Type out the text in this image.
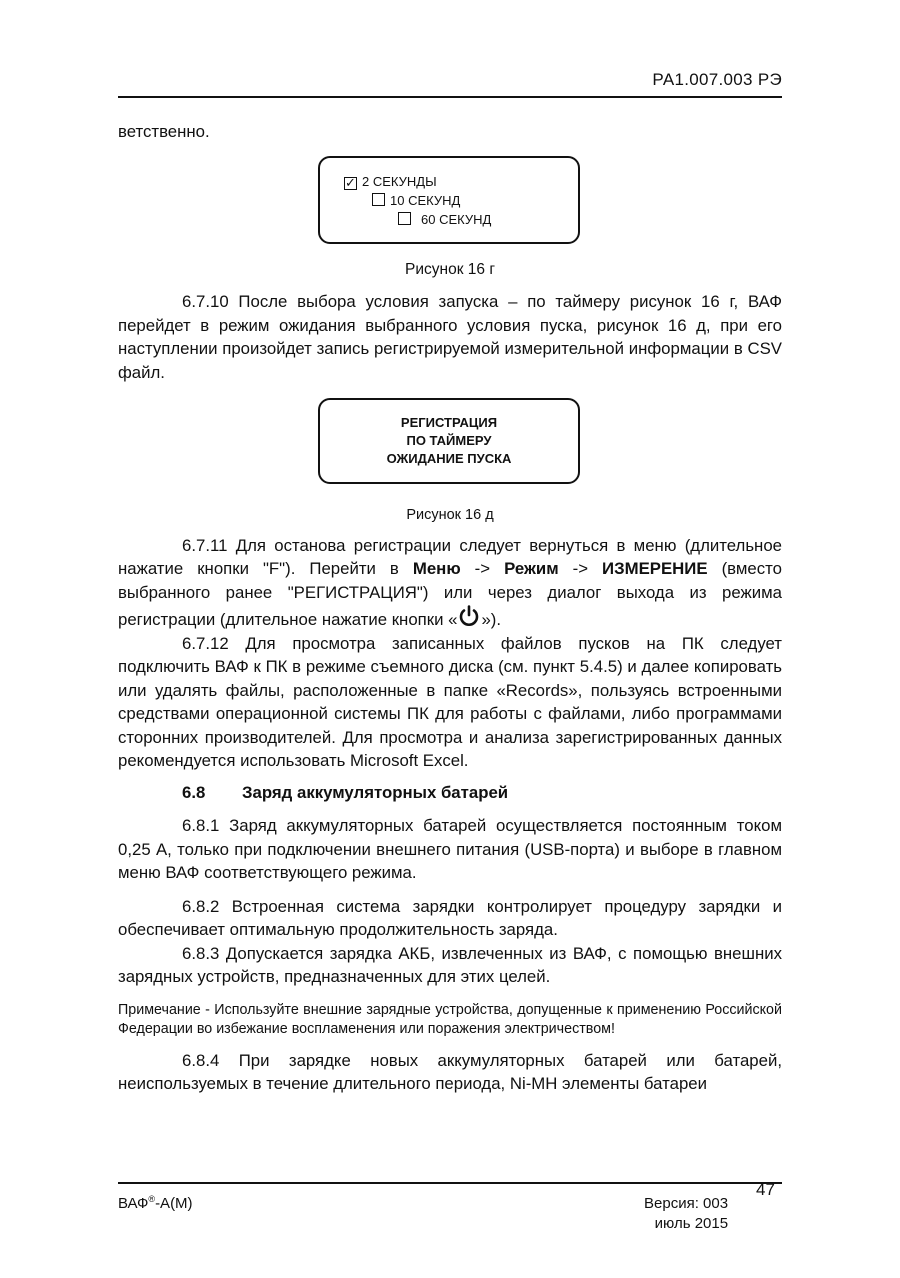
РА1.007.003 РЭ

ветственно.

✓ 2 СЕКУНДЫ
10 СЕКУНД
60 СЕКУНД
Рисунок 16 г

6.7.10 После выбора условия запуска – по таймеру рисунок 16 г, ВАФ перейдет в режим ожидания выбранного условия пуска, рисунок 16 д, при его наступлении произойдет запись регистрируемой измерительной информации в CSV файл.

РЕГИСТРАЦИЯ
ПО ТАЙМЕРУ
ОЖИДАНИЕ ПУСКА
Рисунок 16 д

6.7.11 Для останова регистрации следует вернуться в меню (длительное нажатие кнопки "F"). Перейти в Меню -> Режим -> ИЗМЕРЕНИЕ (вместо выбранного ранее "РЕГИСТРАЦИЯ") или через диалог выхода из режима регистрации (длительное нажатие кнопки « »).

6.7.12 Для просмотра записанных файлов пусков на ПК следует подключить ВАФ к ПК в режиме съемного диска (см. пункт 5.4.5) и далее копировать или удалять файлы, расположенные в папке «Records», пользуясь встроенными средствами операционной системы ПК для работы с файлами, либо программами сторонних производителей. Для просмотра и анализа зарегистрированных данных рекомендуется использовать Microsoft Excel.

6.8 Заряд аккумуляторных батарей

6.8.1 Заряд аккумуляторных батарей осуществляется постоянным током 0,25 А, только при подключении внешнего питания (USB-порта) и выборе в главном меню ВАФ соответствующего режима.

6.8.2 Встроенная система зарядки контролирует процедуру зарядки и обеспечивает оптимальную продолжительность заряда.

6.8.3 Допускается зарядка АКБ, извлеченных из ВАФ, с помощью внешних зарядных устройств, предназначенных для этих целей.

Примечание - Используйте внешние зарядные устройства, допущенные к применению Российской Федерации во избежание воспламенения или поражения электричеством!

6.8.4 При зарядке новых аккумуляторных батарей или батарей, неиспользуемых в течение длительного периода, Ni-MH элементы батареи

ВАФ®-А(М)
47
Версия: 003
июль 2015
